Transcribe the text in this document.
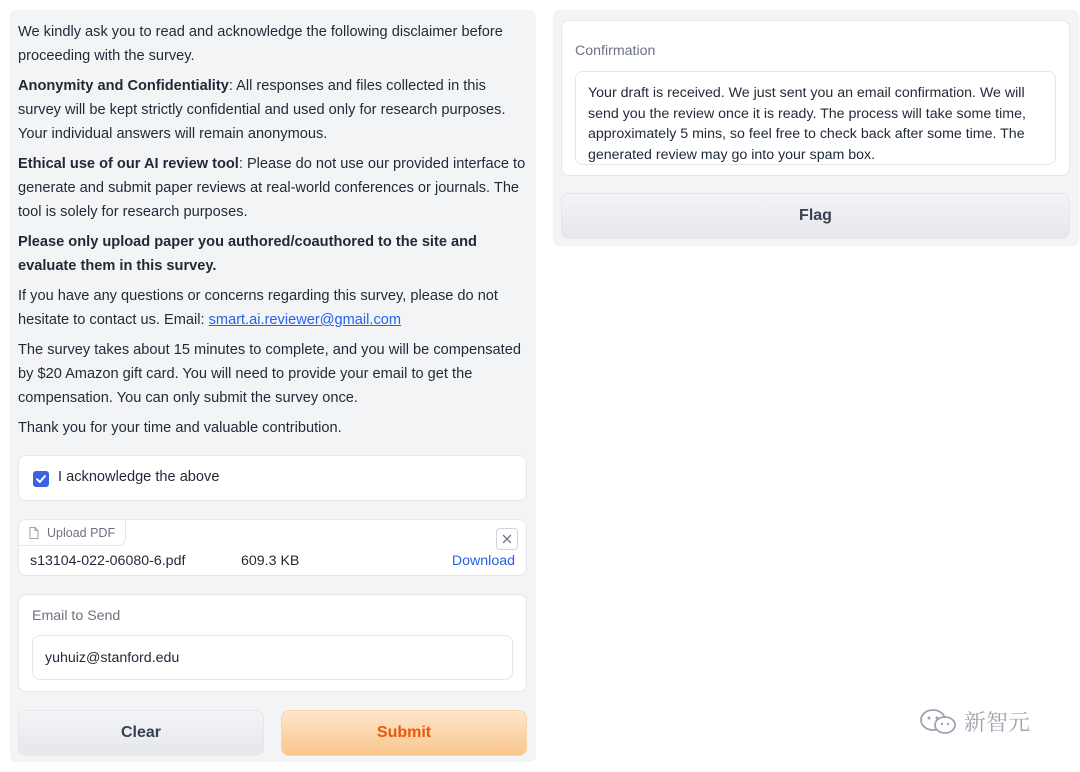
We kindly ask you to read and acknowledge the following disclaimer before proceeding with the survey.

Anonymity and Confidentiality: All responses and files collected in this survey will be kept strictly confidential and used only for research purposes. Your individual answers will remain anonymous.

Ethical use of our AI review tool: Please do not use our provided interface to generate and submit paper reviews at real-world conferences or journals. The tool is solely for research purposes.

Please only upload paper you authored/coauthored to the site and evaluate them in this survey.

If you have any questions or concerns regarding this survey, please do not hesitate to contact us. Email: smart.ai.reviewer@gmail.com

The survey takes about 15 minutes to complete, and you will be compensated by $20 Amazon gift card. You will need to provide your email to get the compensation. You can only submit the survey once.

Thank you for your time and valuable contribution.

I acknowledge the above
Upload PDF
s13104-022-06080-6.pdf	609.3 KB	Download
Email to Send
yuhuiz@stanford.edu
Clear	Submit
Confirmation
Your draft is received. We just sent you an email confirmation. We will send you the review once it is ready. The process will take some time, approximately 5 mins, so feel free to check back after some time. The generated review may go into your spam box.
Flag
新智元
